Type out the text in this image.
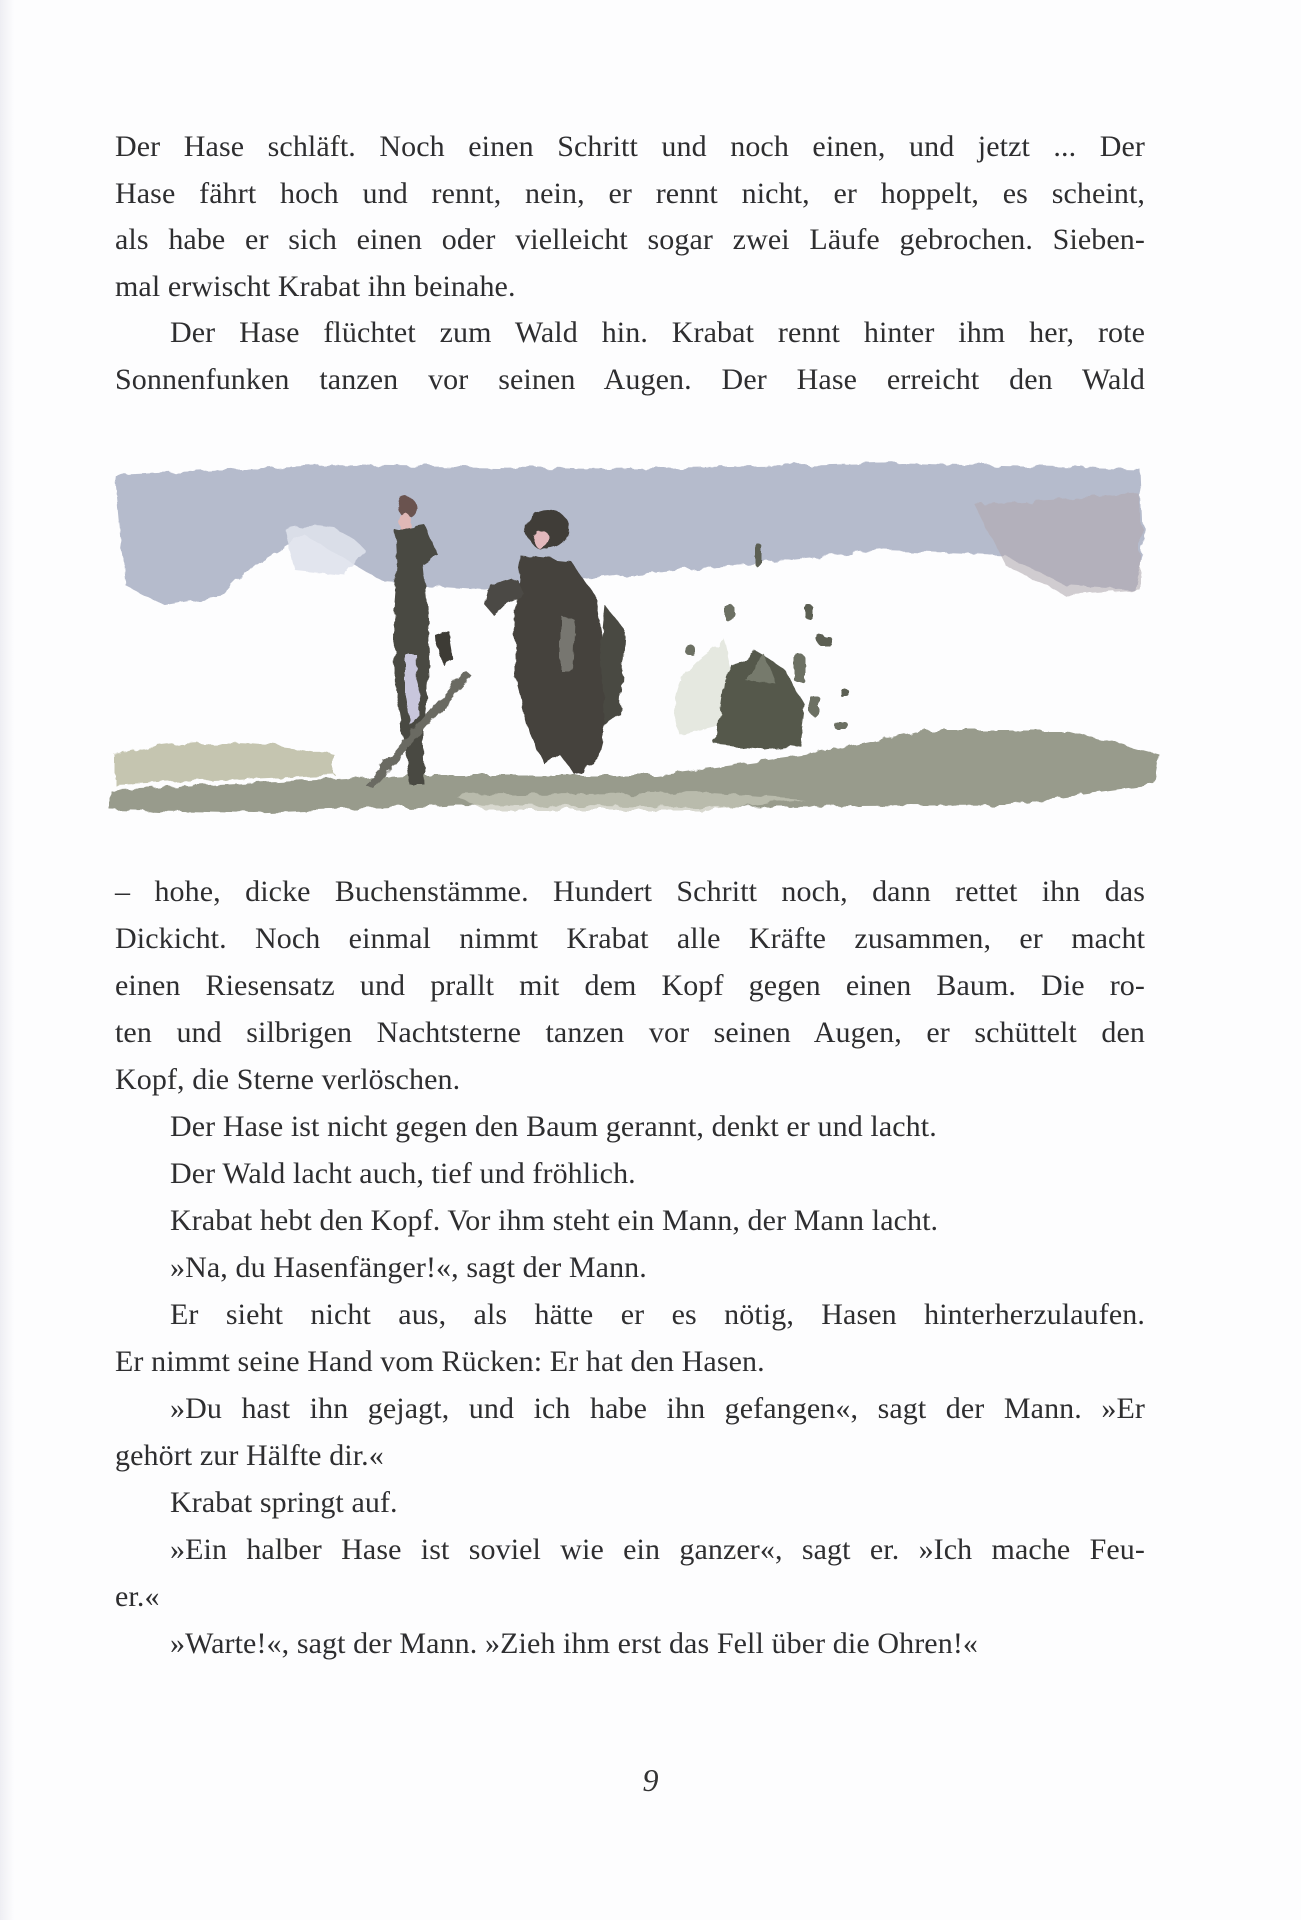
Der Hase schläft. Noch einen Schritt und noch einen, und jetzt ... Der
Hase fährt hoch und rennt, nein, er rennt nicht, er hoppelt, es scheint,
als habe er sich einen oder vielleicht sogar zwei Läufe gebrochen. Sieben-
mal erwischt Krabat ihn beinahe.
Der Hase flüchtet zum Wald hin. Krabat rennt hinter ihm her, rote
Sonnenfunken tanzen vor seinen Augen. Der Hase erreicht den Wald
– hohe, dicke Buchenstämme. Hundert Schritt noch, dann rettet ihn das
Dickicht. Noch einmal nimmt Krabat alle Kräfte zusammen, er macht
einen Riesensatz und prallt mit dem Kopf gegen einen Baum. Die ro-
ten und silbrigen Nachtsterne tanzen vor seinen Augen, er schüttelt den
Kopf, die Sterne verlöschen.
Der Hase ist nicht gegen den Baum gerannt, denkt er und lacht.
Der Wald lacht auch, tief und fröhlich.
Krabat hebt den Kopf. Vor ihm steht ein Mann, der Mann lacht.
»Na, du Hasenfänger!«, sagt der Mann.
Er sieht nicht aus, als hätte er es nötig, Hasen hinterherzulaufen.
Er nimmt seine Hand vom Rücken: Er hat den Hasen.
»Du hast ihn gejagt, und ich habe ihn gefangen«, sagt der Mann. »Er
gehört zur Hälfte dir.«
Krabat springt auf.
»Ein halber Hase ist soviel wie ein ganzer«, sagt er. »Ich mache Feu-
er.«
»Warte!«, sagt der Mann. »Zieh ihm erst das Fell über die Ohren!«
9
